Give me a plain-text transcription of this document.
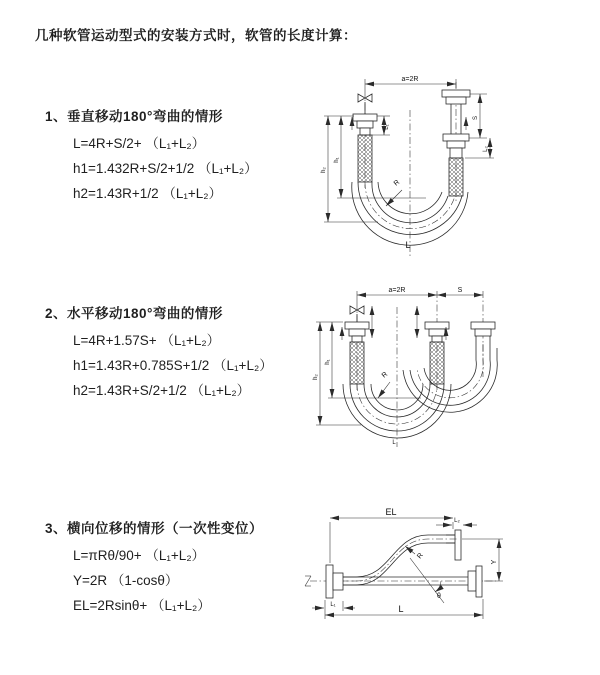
几种软管运动型式的安装方式时，软管的长度计算：
1、垂直移动180°弯曲的情形
L=4R+S/2+ （L₁+L₂）
h1=1.432R+S/2+1/2 （L₁+L₂）
h2=1.43R+1/2 （L₁+L₂）
2、水平移动180°弯曲的情形
L=4R+1.57S+ （L₁+L₂）
h1=1.43R+0.785S+1/2 （L₁+L₂）
h2=1.43R+S/2+1/2 （L₁+L₂）
3、横向位移的情形（一次性变位）
L=πRθ/90+ （L₁+L₂）
Y=2R （1-cosθ）
EL=2Rsinθ+ （L₁+L₂）
a=2R
R
h₂
h₁
L₁
S
L₂
L
a=2R	S
h₂
h₁
R
L
EL
L₂
Y
θ
R
L₁	L
